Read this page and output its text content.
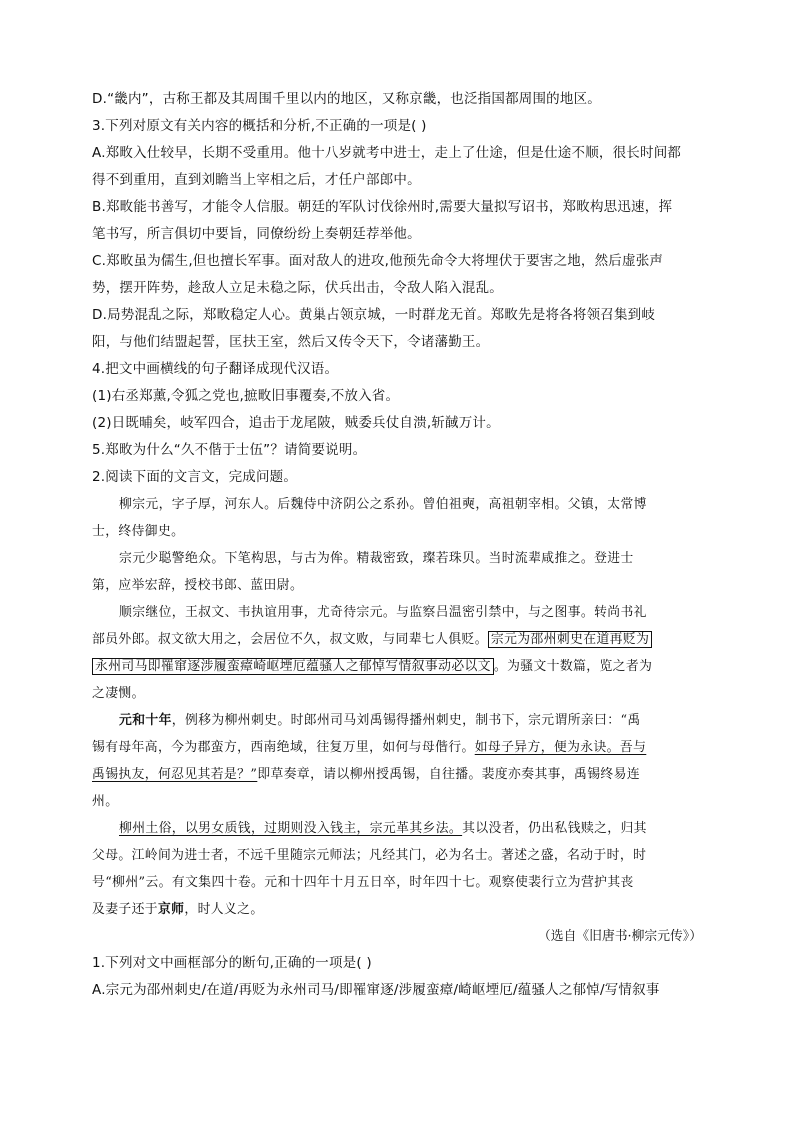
D.“畿内”，古称王都及其周围千里以内的地区，又称京畿，也泛指国都周围的地区。
3.下列对原文有关内容的概括和分析,不正确的一项是( )
A.郑畋入仕较早，长期不受重用。他十八岁就考中进士，走上了仕途，但是仕途不顺，很长时间都
得不到重用，直到刘瞻当上宰相之后，才任户部郎中。
B.郑畋能书善写，才能令人信服。朝廷的军队讨伐徐州时,需要大量拟写诏书，郑畋构思迅速，挥
笔书写，所言俱切中要旨，同僚纷纷上奏朝廷荐举他。
C.郑畋虽为儒生,但也擅长军事。面对敌人的进攻,他预先命令大将埋伏于要害之地，然后虚张声
势，摆开阵势，趁敌人立足未稳之际，伏兵出击，令敌人陷入混乱。
D.局势混乱之际，郑畋稳定人心。黄巢占领京城，一时群龙无首。郑畋先是将各将领召集到岐
阳，与他们结盟起誓，匡扶王室，然后又传令天下，令诸藩勤王。
4.把文中画横线的句子翻译成现代汉语。
(1)右丞郑薰,令狐之党也,摭畋旧事覆奏,不放入省。
(2)日既晡矣，岐军四合，追击于龙尾陂，贼委兵仗自溃,斩馘万计。
5.郑畋为什么“久不偕于士伍”？请简要说明。
2.阅读下面的文言文，完成问题。
柳宗元，字子厚，河东人。后魏侍中济阴公之系孙。曾伯祖奭，高祖朝宰相。父镇，太常博
士，终侍御史。
宗元少聪警绝众。下笔构思，与古为侔。精裁密致，璨若珠贝。当时流辈咸推之。登进士
第，应举宏辞，授校书郎、蓝田尉。
顺宗继位，王叔文、韦执谊用事，尤奇待宗元。与监察吕温密引禁中，与之图事。转尚书礼
部员外郎。叔文欲大用之，会居位不久，叔文败，与同辈七人俱贬。 宗元为邵州刺史在道再贬为
永州司马即罹窜逐涉履蛮瘴崎岖堙厄蕴骚人之郁悼写情叙事动必以文 。为骚文十数篇，览之者为
之凄恻。
元和十年，例移为柳州刺史。时郎州司马刘禹锡得播州刺史，制书下，宗元谓所亲曰：“禹
锡有母年高，今为郡蛮方，西南绝域，往复万里，如何与母偕行。如母子异方，便为永诀。吾与
禹锡执友，何忍见其若是？”即草奏章，请以柳州授禹锡，自往播。裴度亦奏其事，禹锡终易连
州。
柳州土俗，以男女质钱，过期则没入钱主，宗元革其乡法。其以没者，仍出私钱赎之，归其
父母。江岭间为进士者，不远千里随宗元师法；凡经其门，必为名士。著述之盛，名动于时，时
号“柳州”云。有文集四十卷。元和十四年十月五日卒，时年四十七。观察使裴行立为营护其丧
及妻子还于京师，时人义之。
（选自《旧唐书·柳宗元传》）
1.下列对文中画框部分的断句,正确的一项是( )
A.宗元为邵州刺史/在道/再贬为永州司马/即罹窜逐/涉履蛮瘴/崎岖堙厄/蕴骚人之郁悼/写情叙事
